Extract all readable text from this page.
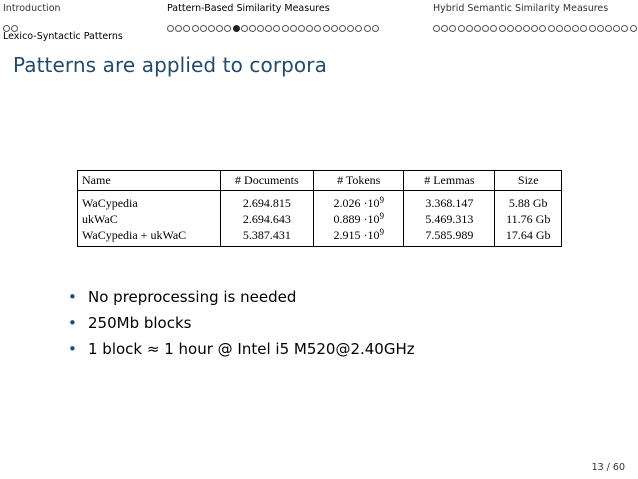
Introduction	Pattern-Based Similarity Measures	Hybrid Semantic Similarity Measures
Lexico-Syntactic Patterns
Patterns are applied to corpora
Name	# Documents	# Tokens	# Lemmas	Size
WaCypedia	2.694.815	$2.026 \cdot 10^9$	3.368.147	5.88 Gb
ukWaC	2.694.643	$0.889 \cdot 10^9$	5.469.313	11.76 Gb
WaCypedia + ukWaC	5.387.431	$2.915 \cdot 10^9$	7.585.989	17.64 Gb
• No preprocessing is needed
• 250Mb blocks
• 1 block ≈ 1 hour @ Intel i5 M520@2.40GHz
13 / 60
